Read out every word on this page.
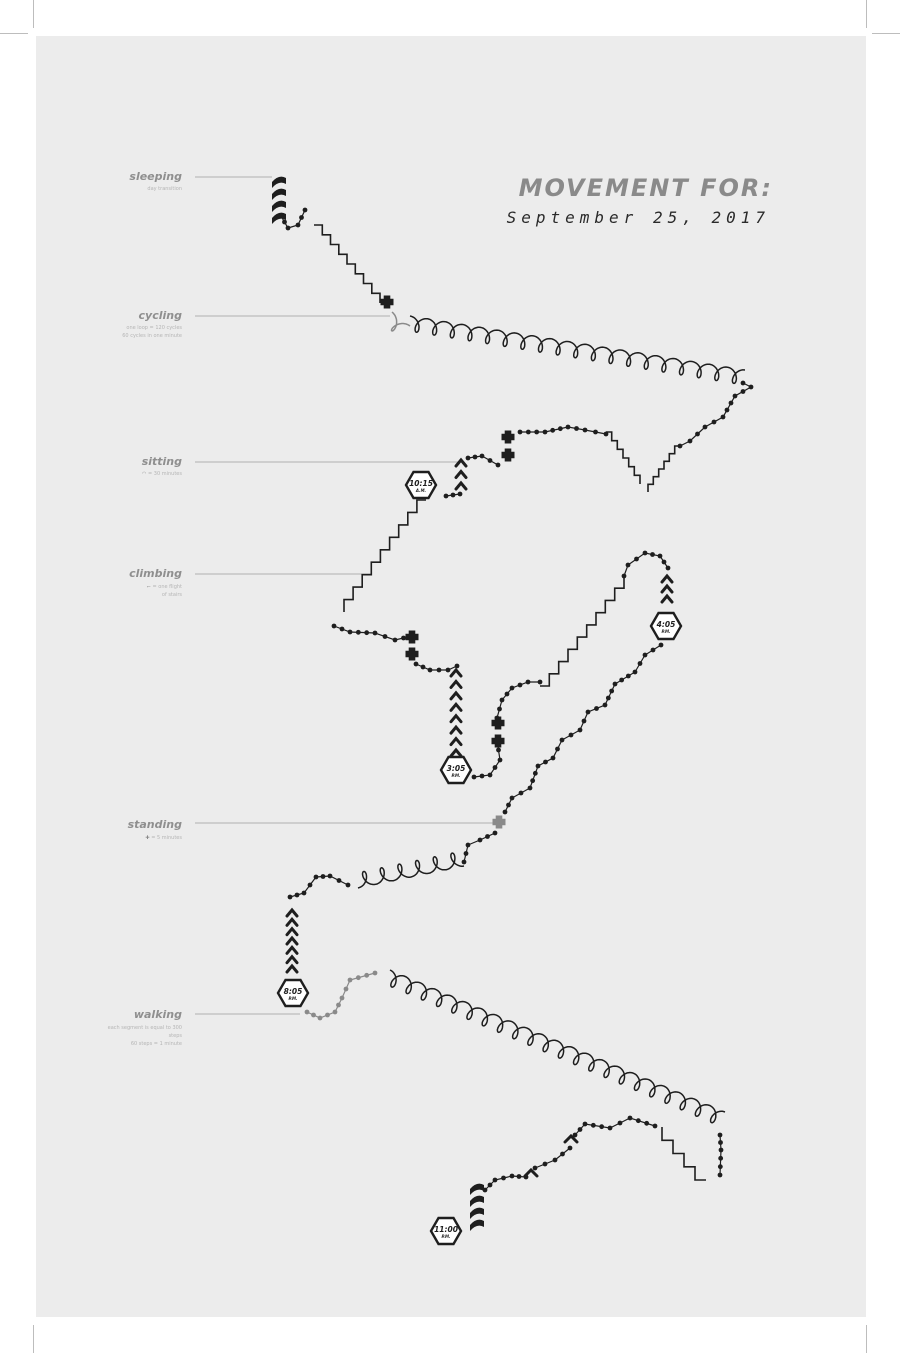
MOVEMENT FOR:
September 25, 2017
sleeping
day transition
cycling
one loop = 120 cycles
60 cycles in one minute
sitting
◠ = 30 minutes
climbing
⌐ = one flight
of stairs
standing
✚ = 5 minutes
walking
each segment is equal to 300
steps
60 steps = 1 minute
10:15
A.M.
3:05
P.M.
4:05
P.M.
8:05
P.M.
11:00
P.M.
